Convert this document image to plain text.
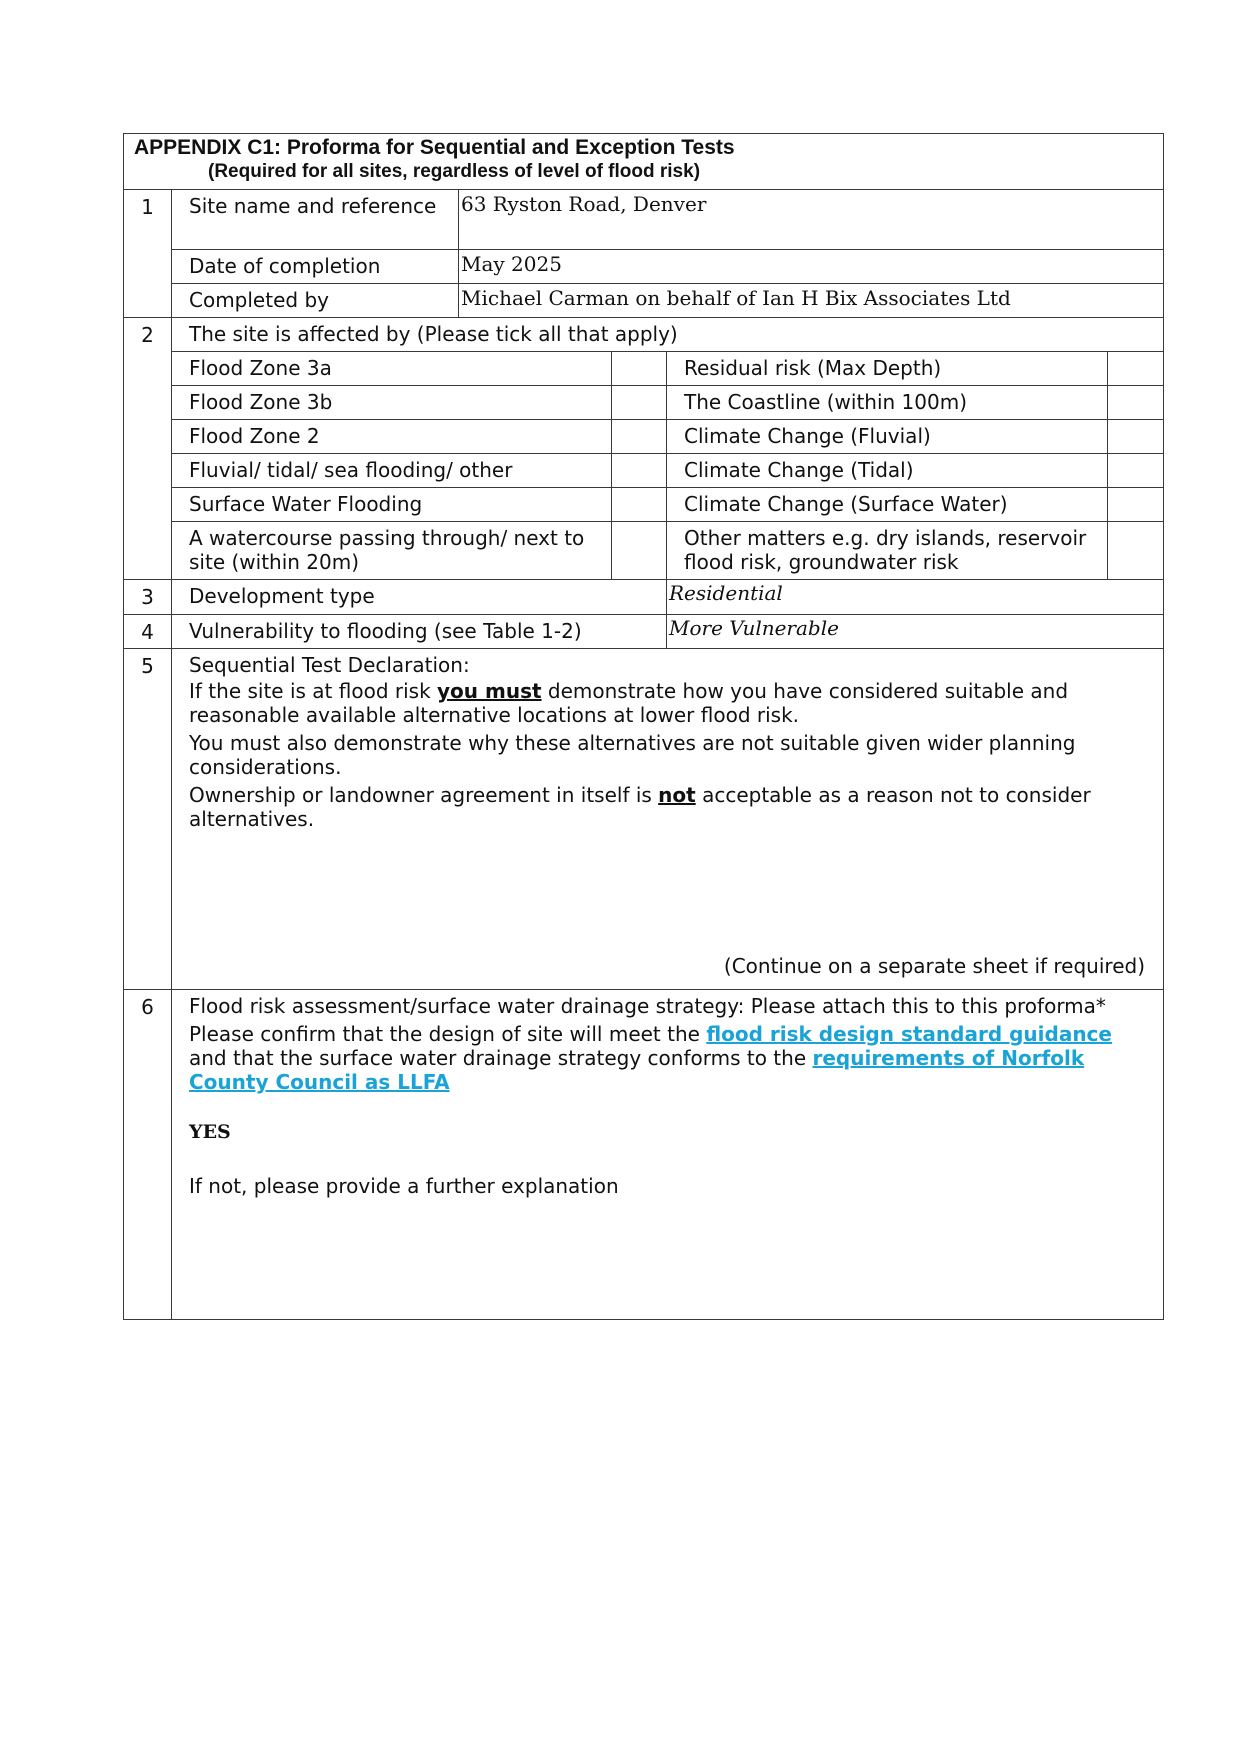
APPENDIX C1: Proforma for Sequential and Exception Tests
(Required for all sites, regardless of level of flood risk)					

1	Site name and reference	63 Ryston Road, Denver			
	Date of completion	May 2025			
	Completed by	Michael Carman on behalf of Ian H Bix Associates Ltd			
2	The site is affected by (Please tick all that apply)				
	Flood Zone 3a			Residual risk (Max Depth)	
	Flood Zone 3b			The Coastline (within 100m)	
	Flood Zone 2			Climate Change (Fluvial)	
	Fluvial/ tidal/ sea flooding/ other			Climate Change (Tidal)	
	Surface Water Flooding			Climate Change (Surface Water)	
	A watercourse passing through/ next to site (within 20m)			Other matters e.g. dry islands, reservoir flood risk, groundwater risk	
3	Development type			Residential	
4	Vulnerability to flooding (see Table 1-2)			More Vulnerable	
5	Sequential Test Declaration:

If the site is at flood risk you must demonstrate how you have considered suitable and reasonable available alternative locations at lower flood risk.

You must also demonstrate why these alternatives are not suitable given wider planning considerations.

Ownership or landowner agreement in itself is not acceptable as a reason not to consider alternatives.

(Continue on a separate sheet if required)				

6	Flood risk assessment/surface water drainage strategy: Please attach this to this proforma*

Please confirm that the design of site will meet the flood risk design standard guidance and that the surface water drainage strategy conforms to the requirements of Norfolk County Council as LLFA

YES

If not, please provide a further explanation				
